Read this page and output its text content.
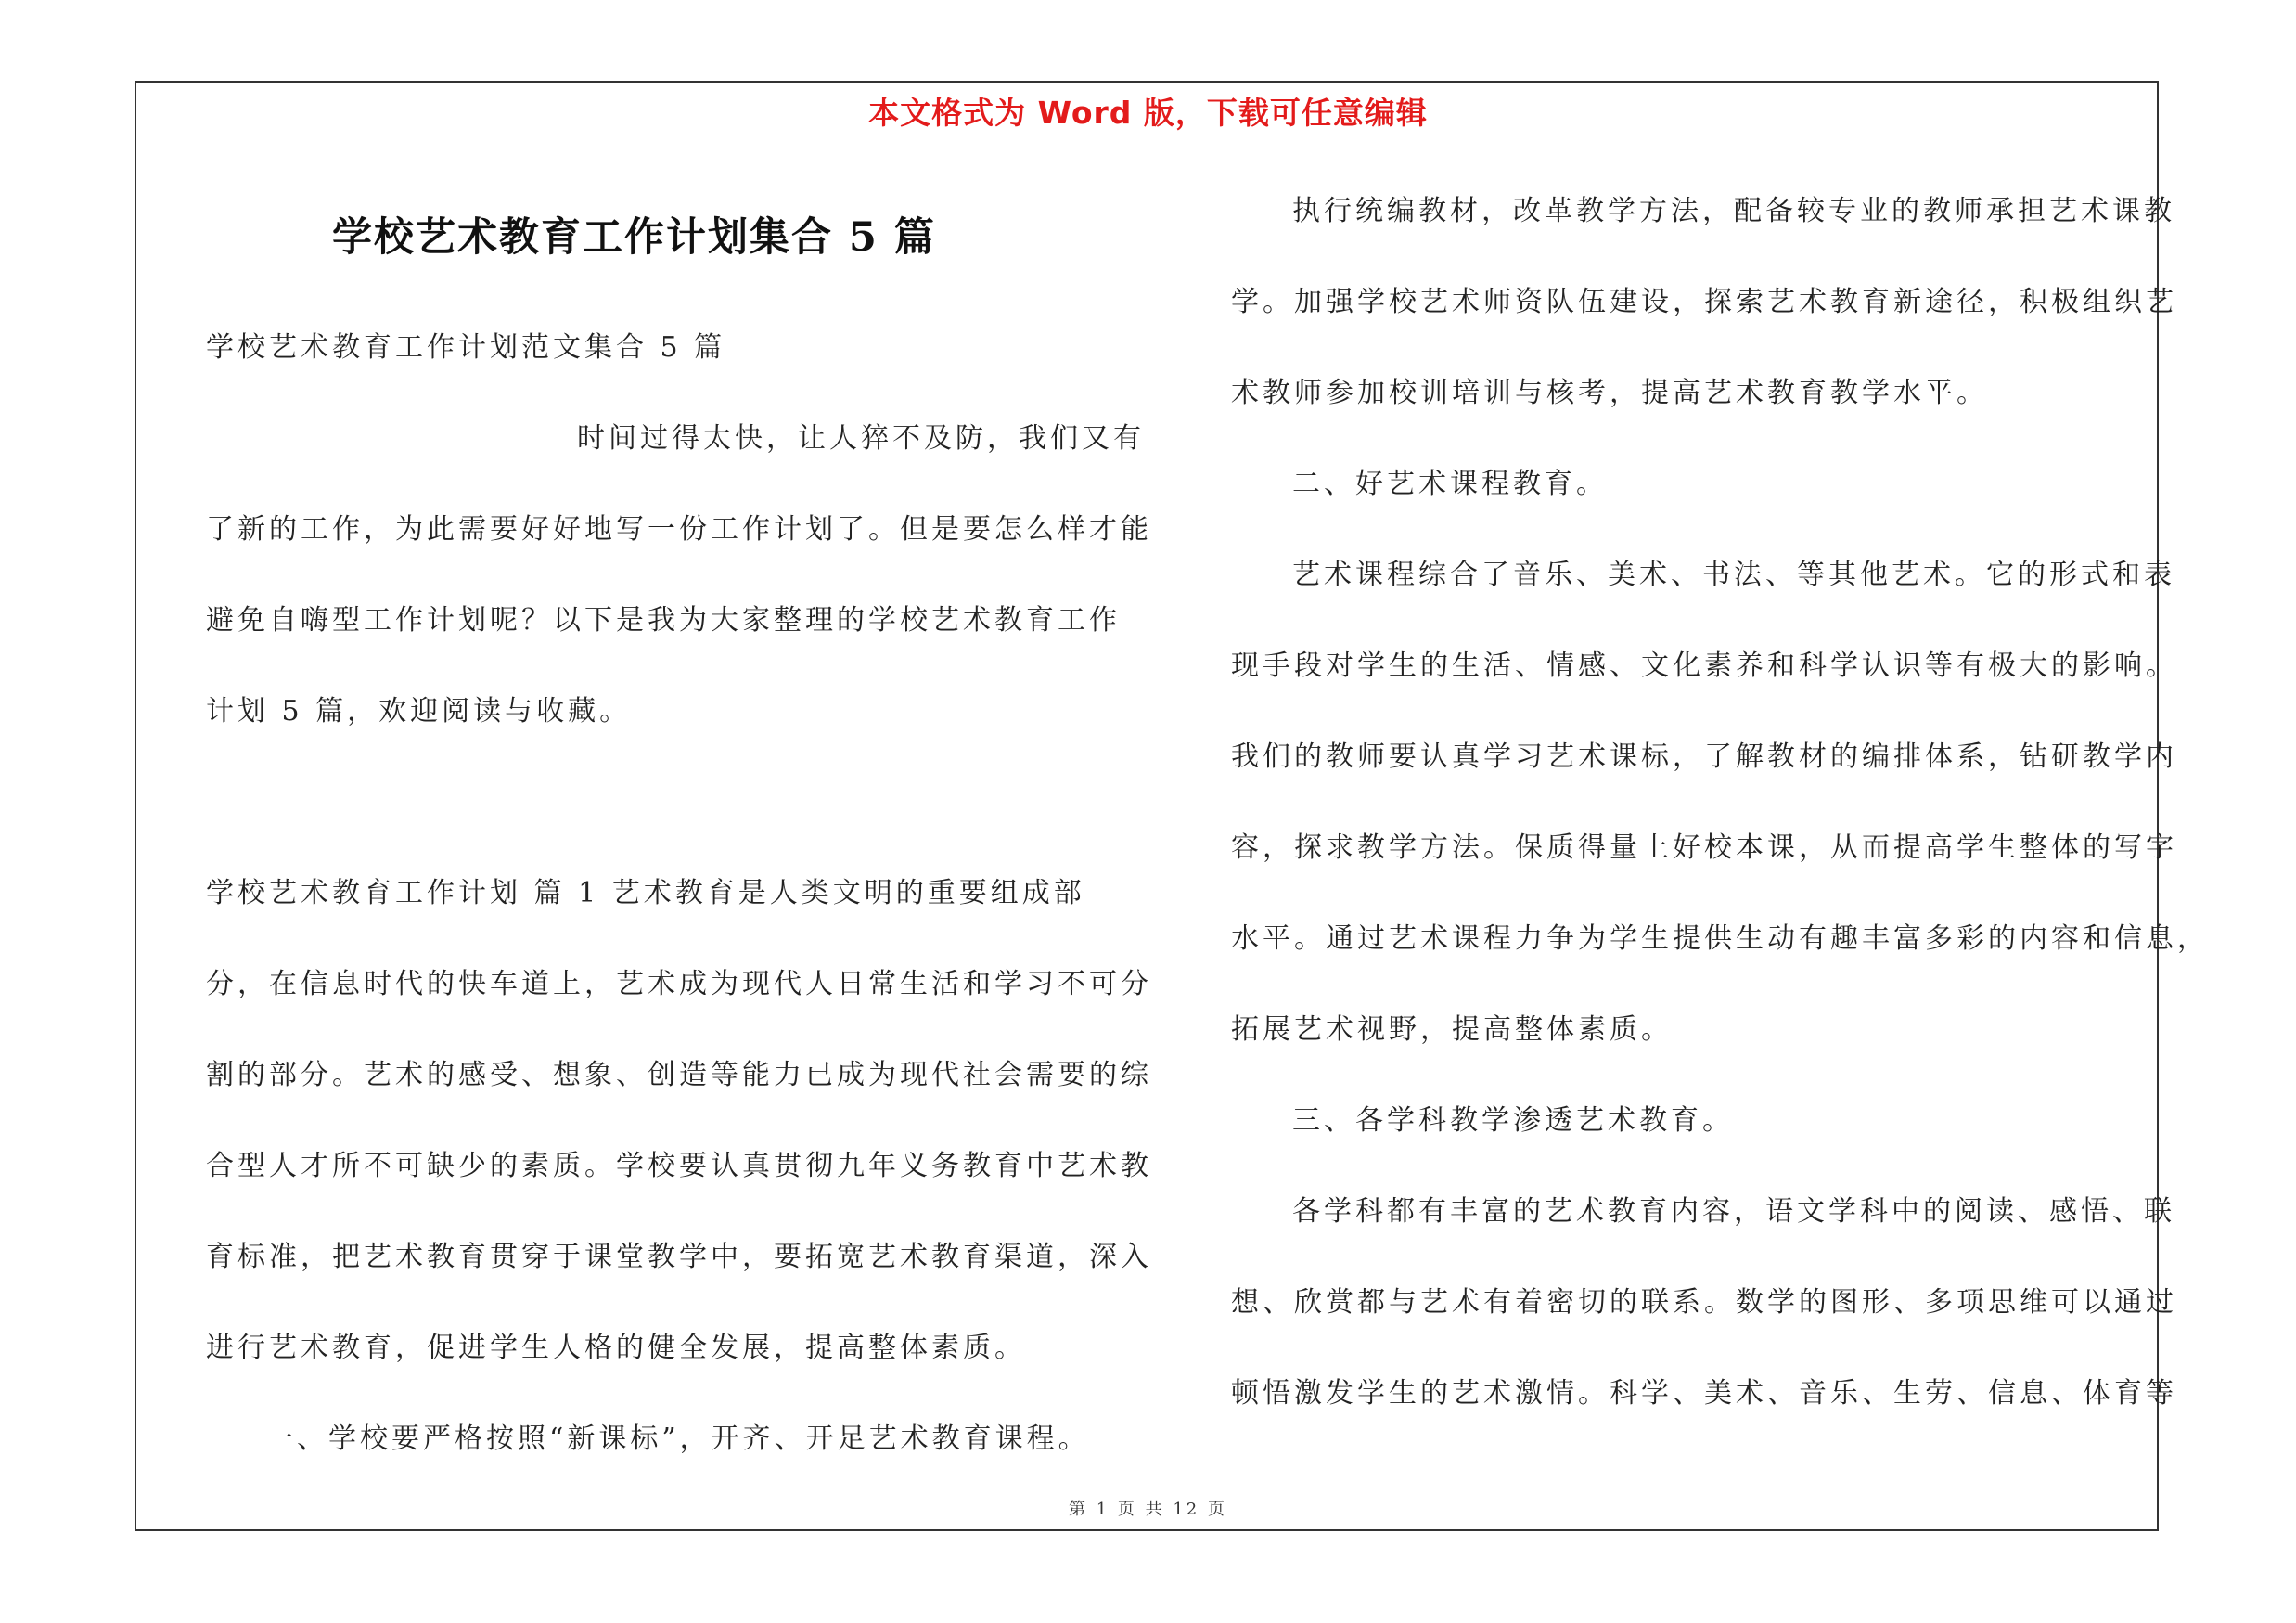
本文格式为 Word 版，下载可任意编辑
学校艺术教育工作计划集合 5 篇
学校艺术教育工作计划范文集合 5 篇
时间过得太快，让人猝不及防，我们又有
了新的工作，为此需要好好地写一份工作计划了。但是要怎么样才能
避免自嗨型工作计划呢？以下是我为大家整理的学校艺术教育工作
计划 5 篇，欢迎阅读与收藏。
学校艺术教育工作计划 篇 1 艺术教育是人类文明的重要组成部
分，在信息时代的快车道上，艺术成为现代人日常生活和学习不可分
割的部分。艺术的感受、想象、创造等能力已成为现代社会需要的综
合型人才所不可缺少的素质。学校要认真贯彻九年义务教育中艺术教
育标准，把艺术教育贯穿于课堂教学中，要拓宽艺术教育渠道，深入
进行艺术教育，促进学生人格的健全发展，提高整体素质。
一、学校要严格按照“新课标”，开齐、开足艺术教育课程。
执行统编教材，改革教学方法，配备较专业的教师承担艺术课教
学。加强学校艺术师资队伍建设，探索艺术教育新途径，积极组织艺
术教师参加校训培训与核考，提高艺术教育教学水平。
二、好艺术课程教育。
艺术课程综合了音乐、美术、书法、等其他艺术。它的形式和表
现手段对学生的生活、情感、文化素养和科学认识等有极大的影响。
我们的教师要认真学习艺术课标，了解教材的编排体系，钻研教学内
容，探求教学方法。保质得量上好校本课，从而提高学生整体的写字
水平。通过艺术课程力争为学生提供生动有趣丰富多彩的内容和信息，
拓展艺术视野，提高整体素质。
三、各学科教学渗透艺术教育。
各学科都有丰富的艺术教育内容，语文学科中的阅读、感悟、联
想、欣赏都与艺术有着密切的联系。数学的图形、多项思维可以通过
顿悟激发学生的艺术激情。科学、美术、音乐、生劳、信息、体育等
第 1 页 共 12 页
